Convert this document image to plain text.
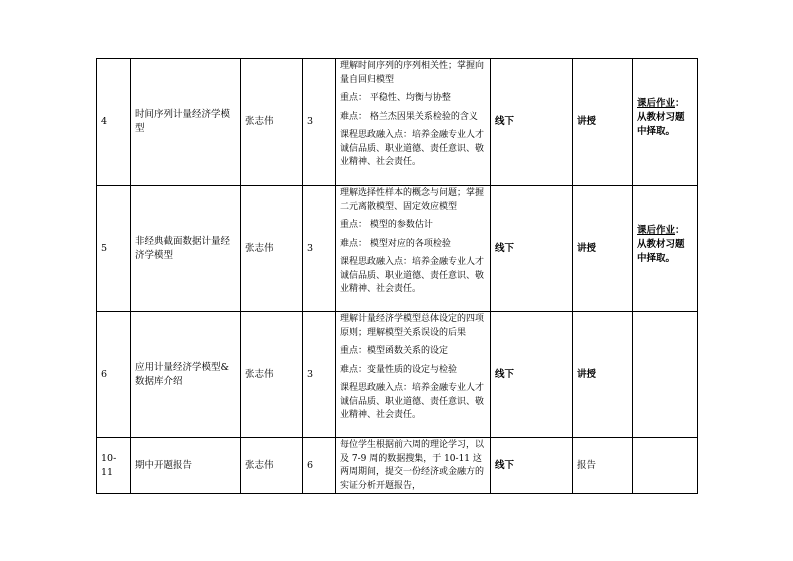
4	时间序列计量经济学模型	张志伟	3	理解时间序列的序列相关性；掌握向量自回归模型

重点： 平稳性、均衡与协整

难点： 格兰杰因果关系检验的含义

课程思政融入点：培养金融专业人才诚信品质、职业道德、责任意识、敬业精神、社会责任。	线下	讲授	课后作业：从教材习题中择取。
5	非经典截面数据计量经济学模型	张志伟	3	理解选择性样本的概念与问题；掌握二元离散模型、固定效应模型

重点： 模型的参数估计

难点： 模型对应的各项检验

课程思政融入点：培养金融专业人才诚信品质、职业道德、责任意识、敬业精神、社会责任。	线下	讲授	课后作业：从教材习题中择取。
6	应用计量经济学模型&数据库介绍	张志伟	3	理解计量经济学模型总体设定的四项原则；理解模型关系误设的后果

重点：模型函数关系的设定

难点：变量性质的设定与检验

课程思政融入点：培养金融专业人才诚信品质、职业道德、责任意识、敬业精神、社会责任。	线下	讲授	
10-11	期中开题报告	张志伟	6	每位学生根据前六周的理论学习，以及 7-9 周的数据搜集，于 10-11 这两周期间，提交一份经济或金融方的实证分析开题报告，	线下	报告	
